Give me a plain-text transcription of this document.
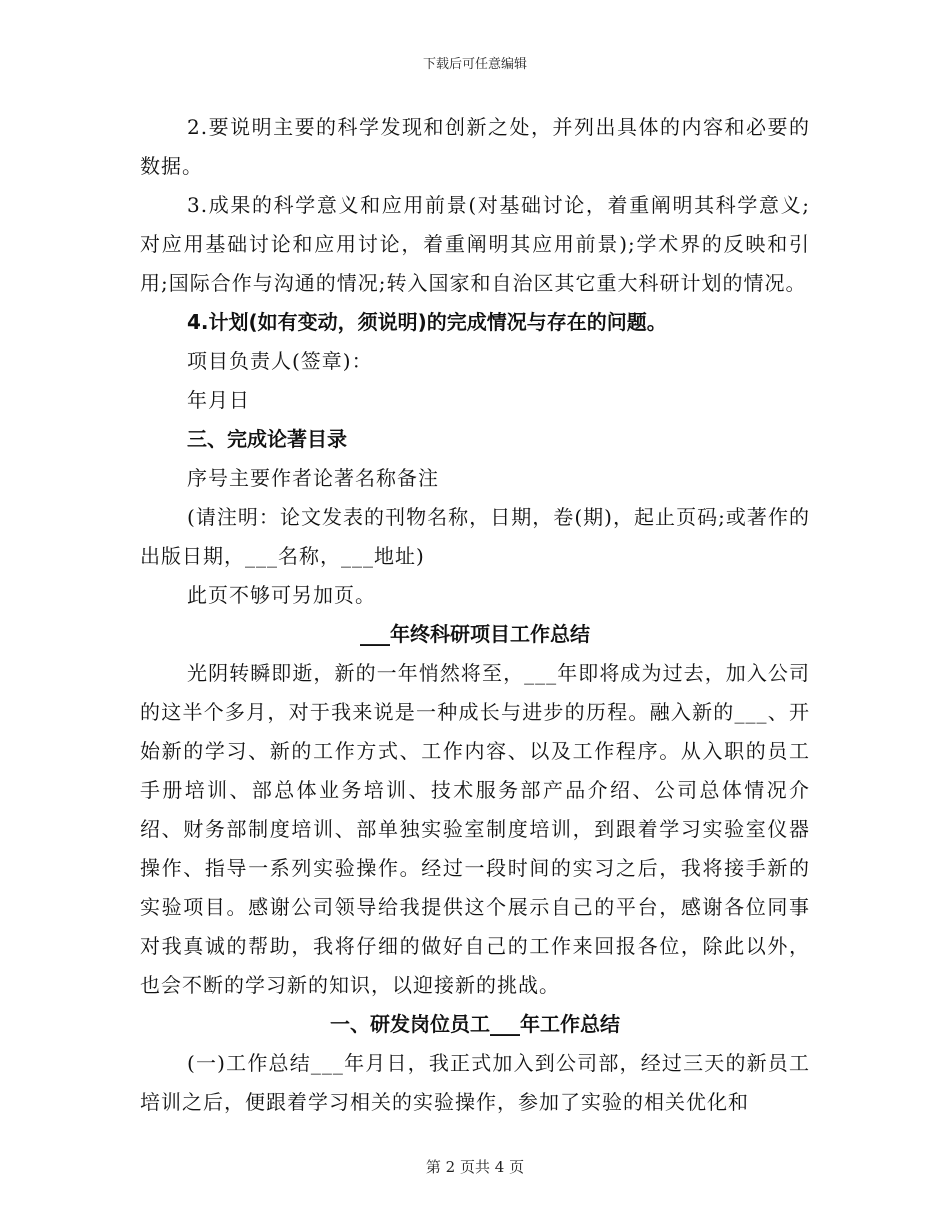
下载后可任意编辑

2.要说明主要的科学发现和创新之处，并列出具体的内容和必要的数据。

3.成果的科学意义和应用前景(对基础讨论，着重阐明其科学意义;对应用基础讨论和应用讨论，着重阐明其应用前景);学术界的反映和引用;国际合作与沟通的情况;转入国家和自治区其它重大科研计划的情况。

4.计划(如有变动，须说明)的完成情况与存在的问题。

项目负责人(签章)：

年月日

三、完成论著目录

序号主要作者论著名称备注

(请注明：论文发表的刊物名称，日期，卷(期)，起止页码;或著作的出版日期，___名称，___地址)

此页不够可另加页。

___年终科研项目工作总结

光阴转瞬即逝，新的一年悄然将至，___年即将成为过去，加入公司的这半个多月，对于我来说是一种成长与进步的历程。融入新的___、开始新的学习、新的工作方式、工作内容、以及工作程序。从入职的员工手册培训、部总体业务培训、技术服务部产品介绍、公司总体情况介绍、财务部制度培训、部单独实验室制度培训，到跟着学习实验室仪器操作、指导一系列实验操作。经过一段时间的实习之后，我将接手新的实验项目。感谢公司领导给我提供这个展示自己的平台，感谢各位同事对我真诚的帮助，我将仔细的做好自己的工作来回报各位，除此以外，也会不断的学习新的知识，以迎接新的挑战。

一、研发岗位员工___年工作总结

(一)工作总结___年月日，我正式加入到公司部，经过三天的新员工培训之后，便跟着学习相关的实验操作，参加了实验的相关优化和

第 2 页共 4 页
